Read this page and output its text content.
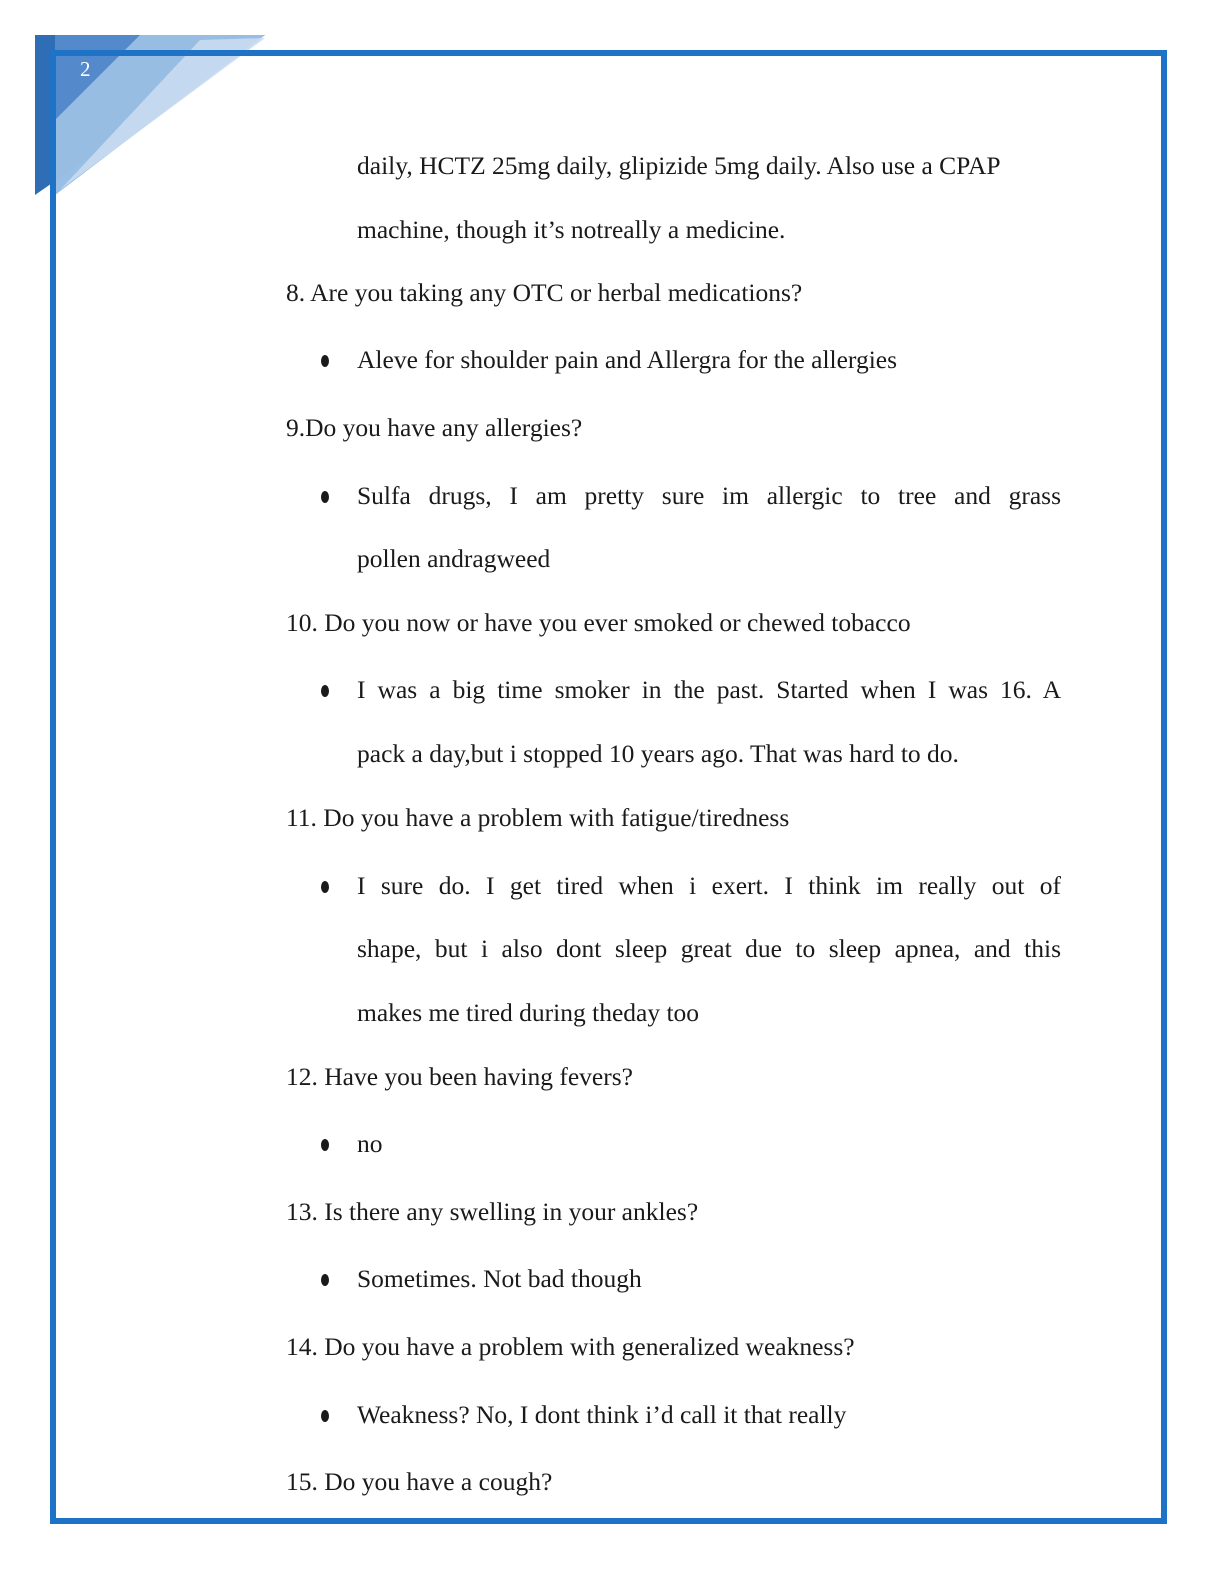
2
daily, HCTZ 25mg daily, glipizide 5mg daily. Also use a CPAP
machine, though it’s notreally a medicine.
8. Are you taking any OTC or herbal medications?
Aleve for shoulder pain and Allergra for the allergies
9.Do you have any allergies?
Sulfa drugs, I am pretty sure im allergic to tree and grass
pollen andragweed
10. Do you now or have you ever smoked or chewed tobacco
I was a big time smoker in the past. Started when I was 16. A
pack a day,but i stopped 10 years ago. That was hard to do.
11. Do you have a problem with fatigue/tiredness
I sure do. I get tired when i exert. I think im really out of
shape, but i also dont sleep great due to sleep apnea, and this
makes me tired during theday too
12. Have you been having fevers?
no
13. Is there any swelling in your ankles?
Sometimes. Not bad though
14. Do you have a problem with generalized weakness?
Weakness? No, I dont think i’d call it that really
15. Do you have a cough?
